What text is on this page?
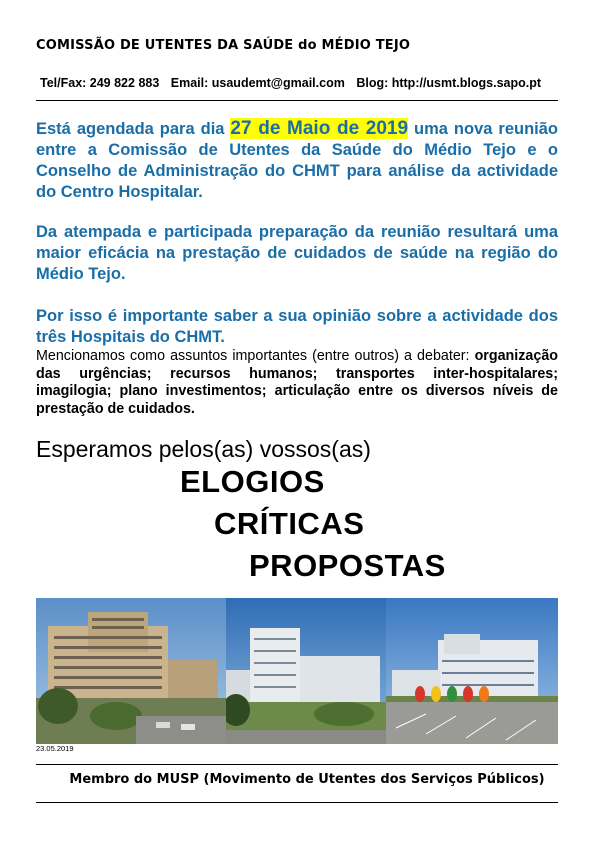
COMISSÃO DE UTENTES DA SAÚDE do MÉDIO TEJO
Tel/Fax: 249 822 883 Email: usaudemt@gmail.com Blog: http://usmt.blogs.sapo.pt
Está agendada para dia 27 de Maio de 2019 uma nova reunião entre a Comissão de Utentes da Saúde do Médio Tejo e o Conselho de Administração do CHMT para análise da actividade do Centro Hospitalar.
Da atempada e participada preparação da reunião resultará uma maior eficácia na prestação de cuidados de saúde na região do Médio Tejo.
Por isso é importante saber a sua opinião sobre a actividade dos três Hospitais do CHMT.
Mencionamos como assuntos importantes (entre outros) a debater: organização das urgências; recursos humanos; transportes inter-hospitalares; imagilogia; plano investimentos; articulação entre os diversos níveis de prestação de cuidados.
Esperamos pelos(as) vossos(as)
ELOGIOS
CRÍTICAS
PROPOSTAS
23.05.2019
Membro do MUSP (Movimento de Utentes dos Serviços Públicos)
